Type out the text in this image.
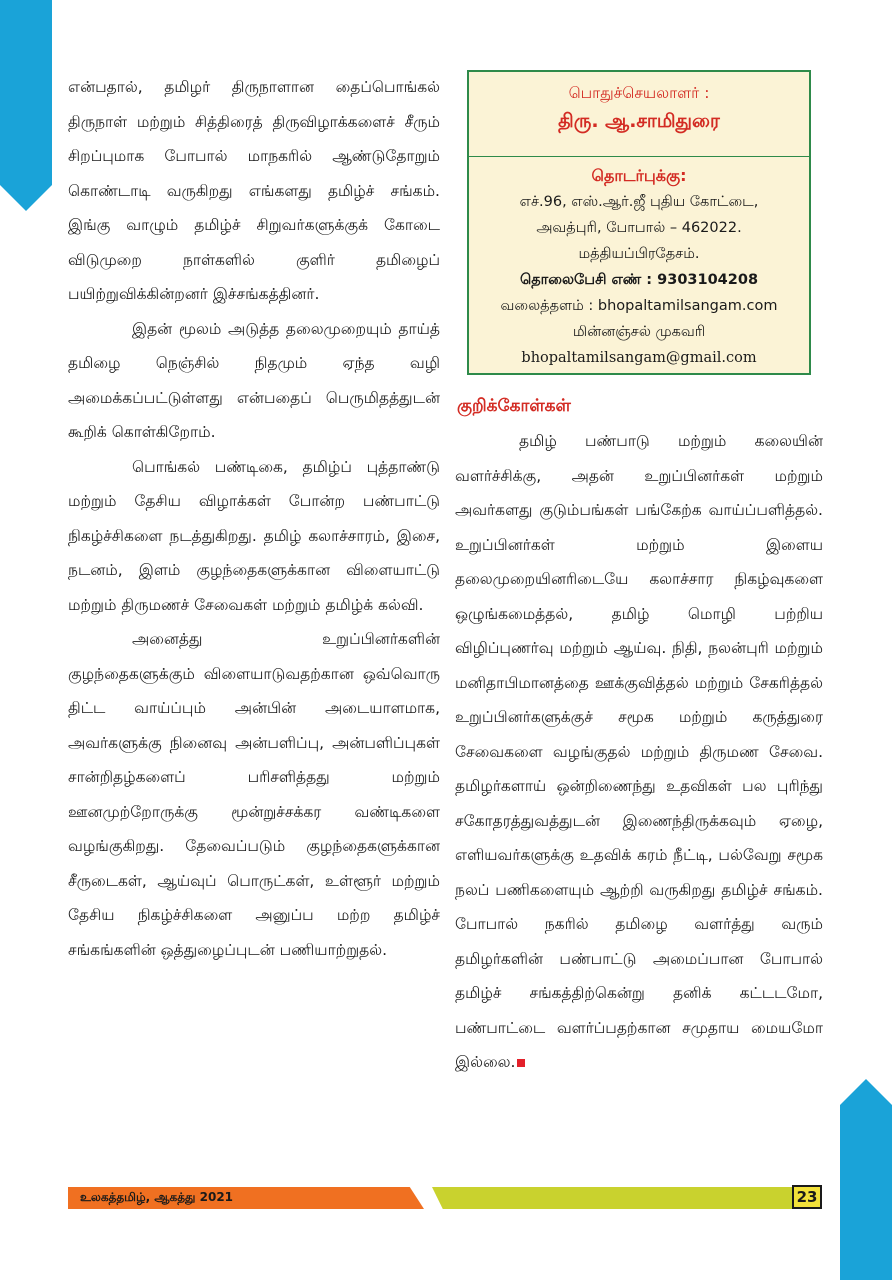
என்பதால், தமிழர் திருநாளான தைப்பொங்கல் திருநாள் மற்றும் சித்திரைத் திருவிழாக்களைச் சீரும் சிறப்புமாக போபால் மாநகரில் ஆண்டுதோறும் கொண்டாடி வருகிறது எங்களது தமிழ்ச் சங்கம். இங்கு வாழும் தமிழ்ச் சிறுவர்களுக்குக் கோடை விடுமுறை நாள்களில் குளிர் தமிழைப் பயிற்றுவிக்கின்றனர் இச்சங்கத்தினர்.

இதன் மூலம் அடுத்த தலைமுறையும் தாய்த் தமிழை நெஞ்சில் நிதமும் ஏந்த வழி அமைக்கப்பட்டுள்ளது என்பதைப் பெருமிதத்துடன் கூறிக் கொள்கிறோம்.

பொங்கல் பண்டிகை, தமிழ்ப் புத்தாண்டு மற்றும் தேசிய விழாக்கள் போன்ற பண்பாட்டு நிகழ்ச்சிகளை நடத்துகிறது. தமிழ் கலாச்சாரம், இசை, நடனம், இளம் குழந்தைகளுக்கான விளையாட்டு மற்றும் திருமணச் சேவைகள் மற்றும் தமிழ்க் கல்வி.

அனைத்து உறுப்பினர்களின் குழந்தைகளுக்கும் விளையாடுவதற்கான ஒவ்வொரு திட்ட வாய்ப்பும் அன்பின் அடையாளமாக, அவர்களுக்கு நினைவு அன்பளிப்பு, அன்பளிப்புகள் சான்றிதழ்களைப் பரிசளித்தது மற்றும் ஊனமுற்றோருக்கு மூன்றுச்சக்கர வண்டிகளை வழங்குகிறது. தேவைப்படும் குழந்தைகளுக்கான சீருடைகள், ஆய்வுப் பொருட்கள், உள்ளூர் மற்றும் தேசிய நிகழ்ச்சிகளை அனுப்ப மற்ற தமிழ்ச் சங்கங்களின் ஒத்துழைப்புடன் பணியாற்றுதல்.

பொதுச்செயலாளர் :
திரு. ஆ.சாமிதுரை
தொடர்புக்கு:
எச்.96, எஸ்.ஆர்.ஜீ புதிய கோட்டை,
அவத்புரி, போபால் – 462022.
மத்தியப்பிரதேசம்.
தொலைபேசி எண் : 9303104208
வலைத்தளம் : bhopaltamilsangam.com
மின்னஞ்சல் முகவரி
bhopaltamilsangam@gmail.com
குறிக்கோள்கள்

தமிழ் பண்பாடு மற்றும் கலையின் வளர்ச்சிக்கு, அதன் உறுப்பினர்கள் மற்றும் அவர்களது குடும்பங்கள் பங்கேற்க வாய்ப்பளித்தல். உறுப்பினர்கள் மற்றும் இளைய தலைமுறையினரிடையே கலாச்சார நிகழ்வுகளை ஒழுங்கமைத்தல், தமிழ் மொழி பற்றிய விழிப்புணர்வு மற்றும் ஆய்வு. நிதி, நலன்புரி மற்றும் மனிதாபிமானத்தை ஊக்குவித்தல் மற்றும் சேகரித்தல் உறுப்பினர்களுக்குச் சமூக மற்றும் கருத்துரை சேவைகளை வழங்குதல் மற்றும் திருமண சேவை. தமிழர்களாய் ஒன்றிணைந்து உதவிகள் பல புரிந்து சகோதரத்துவத்துடன் இணைந்திருக்கவும் ஏழை, எளியவர்களுக்கு உதவிக் கரம் நீட்டி, பல்வேறு சமூக நலப் பணிகளையும் ஆற்றி வருகிறது தமிழ்ச் சங்கம். போபால் நகரில் தமிழை வளர்த்து வரும் தமிழர்களின் பண்பாட்டு அமைப்பான போபால் தமிழ்ச் சங்கத்திற்கென்று தனிக் கட்டடமோ, பண்பாட்டை வளர்ப்பதற்கான சமுதாய மையமோ இல்லை.

உலகத்தமிழ், ஆகத்து 2021	23
